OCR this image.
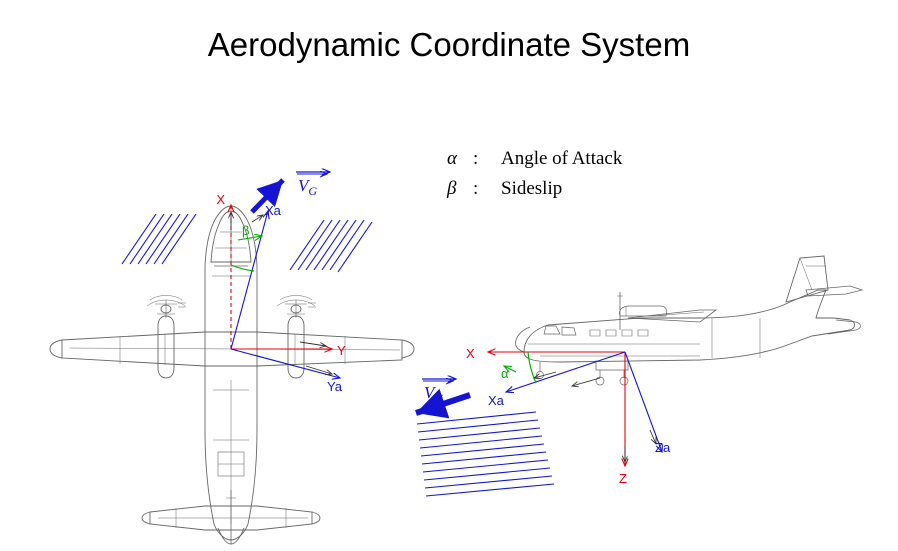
Aerodynamic Coordinate System
α :	Angle of Attack
β :	Sideslip
X
Y
Xa
Ya
β
$V_G$
X
Z
Xa
Za
α
$V_G$
